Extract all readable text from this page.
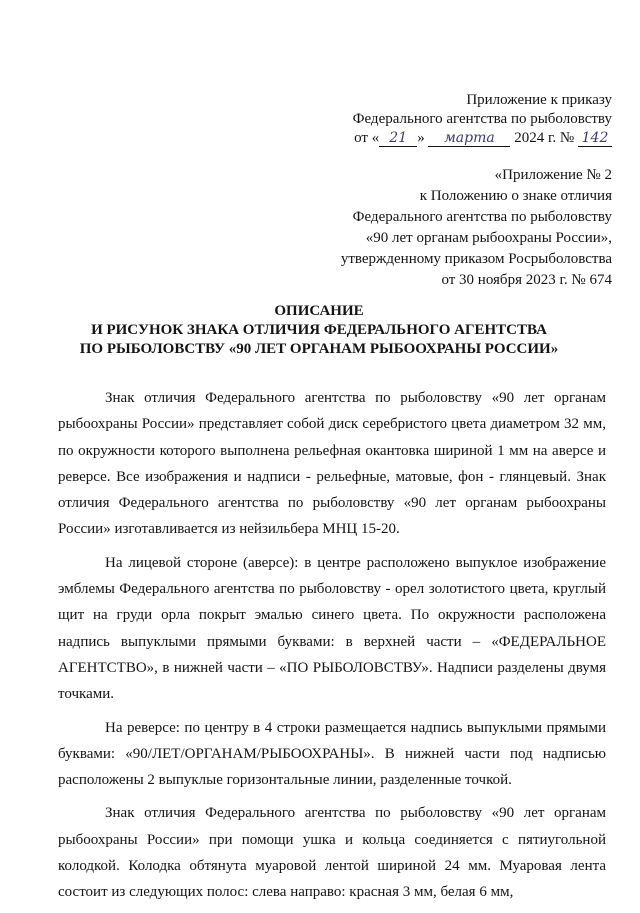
Приложение к приказу
Федерального агентства по рыболовству
от « 21 » марта 2024 г. № 142
«Приложение № 2
к Положению о знаке отличия
Федерального агентства по рыболовству
«90 лет органам рыбоохраны России»,
утвержденному приказом Росрыболовства
от 30 ноября 2023 г. № 674
ОПИСАНИЕ
И РИСУНОК ЗНАКА ОТЛИЧИЯ ФЕДЕРАЛЬНОГО АГЕНТСТВА
ПО РЫБОЛОВСТВУ «90 ЛЕТ ОРГАНАМ РЫБООХРАНЫ РОССИИ»

Знак отличия Федерального агентства по рыболовству «90 лет органам рыбоохраны России» представляет собой диск серебристого цвета диаметром 32 мм, по окружности которого выполнена рельефная окантовка шириной 1 мм на аверсе и реверсе. Все изображения и надписи - рельефные, матовые, фон - глянцевый. Знак отличия Федерального агентства по рыболовству «90 лет органам рыбоохраны России» изготавливается из нейзильбера МНЦ 15-20.

На лицевой стороне (аверсе): в центре расположено выпуклое изображение эмблемы Федерального агентства по рыболовству - орел золотистого цвета, круглый щит на груди орла покрыт эмалью синего цвета. По окружности расположена надпись выпуклыми прямыми буквами: в верхней части – «ФЕДЕРАЛЬНОЕ АГЕНТСТВО», в нижней части – «ПО РЫБОЛОВСТВУ». Надписи разделены двумя точками.

На реверсе: по центру в 4 строки размещается надпись выпуклыми прямыми буквами: «90/ЛЕТ/ОРГАНАМ/РЫБООХРАНЫ». В нижней части под надписью расположены 2 выпуклые горизонтальные линии, разделенные точкой.

Знак отличия Федерального агентства по рыболовству «90 лет органам рыбоохраны России» при помощи ушка и кольца соединяется с пятиугольной колодкой. Колодка обтянута муаровой лентой шириной 24 мм. Муаровая лента состоит из следующих полос: слева направо: красная 3 мм, белая 6 мм,
